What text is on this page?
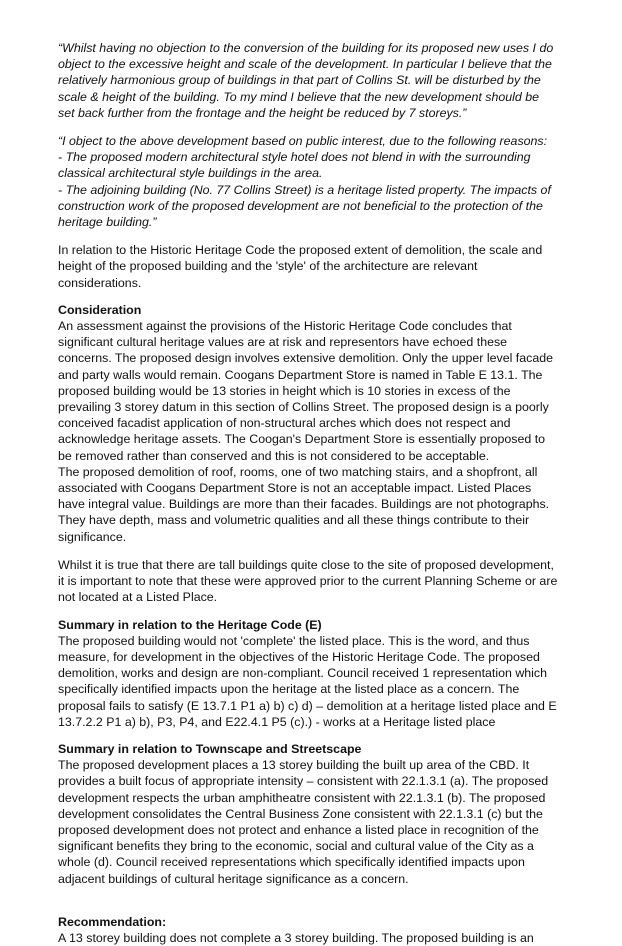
“Whilst having no objection to the conversion of the building for its proposed new uses I do object to the excessive height and scale of the development. In particular I believe that the relatively harmonious group of buildings in that part of Collins St. will be disturbed by the scale & height of the building. To my mind I believe that the new development should be set back further from the frontage and the height be reduced by 7 storeys.”

“I object to the above development based on public interest, due to the following reasons:

- The proposed modern architectural style hotel does not blend in with the surrounding classical architectural style buildings in the area.
- The adjoining building (No. 77 Collins Street) is a heritage listed property. The impacts of construction work of the proposed development are not beneficial to the protection of the heritage building.”

In relation to the Historic Heritage Code the proposed extent of demolition, the scale and height of the proposed building and the 'style' of the architecture are relevant considerations.

Consideration

An assessment against the provisions of the Historic Heritage Code concludes that significant cultural heritage values are at risk and representors have echoed these concerns. The proposed design involves extensive demolition. Only the upper level facade and party walls would remain. Coogans Department Store is named in Table E 13.1. The proposed building would be 13 stories in height which is 10 stories in excess of the prevailing 3 storey datum in this section of Collins Street. The proposed design is a poorly conceived facadist application of non-structural arches which does not respect and acknowledge heritage assets. The Coogan's Department Store is essentially proposed to be removed rather than conserved and this is not considered to be acceptable.

The proposed demolition of roof, rooms, one of two matching stairs, and a shopfront, all associated with Coogans Department Store is not an acceptable impact. Listed Places have integral value. Buildings are more than their facades. Buildings are not photographs. They have depth, mass and volumetric qualities and all these things contribute to their significance.

Whilst it is true that there are tall buildings quite close to the site of proposed development, it is important to note that these were approved prior to the current Planning Scheme or are not located at a Listed Place.

Summary in relation to the Heritage Code (E)

The proposed building would not 'complete' the listed place. This is the word, and thus measure, for development in the objectives of the Historic Heritage Code. The proposed demolition, works and design are non-compliant. Council received 1 representation which specifically identified impacts upon the heritage at the listed place as a concern. The proposal fails to satisfy (E 13.7.1 P1 a) b) c) d) – demolition at a heritage listed place and E 13.7.2.2 P1 a) b), P3, P4, and E22.4.1 P5 (c).) - works at a Heritage listed place

Summary in relation to Townscape and Streetscape

The proposed development places a 13 storey building the built up area of the CBD. It provides a built focus of appropriate intensity – consistent with 22.1.3.1 (a). The proposed development respects the urban amphitheatre consistent with 22.1.3.1 (b). The proposed development consolidates the Central Business Zone consistent with 22.1.3.1 (c) but the proposed development does not protect and enhance a listed place in recognition of the significant benefits they bring to the economic, social and cultural value of the City as a whole (d). Council received representations which specifically identified impacts upon adjacent buildings of cultural heritage significance as a concern.

Recommendation:

A 13 storey building does not complete a 3 storey building. The proposed building is an
